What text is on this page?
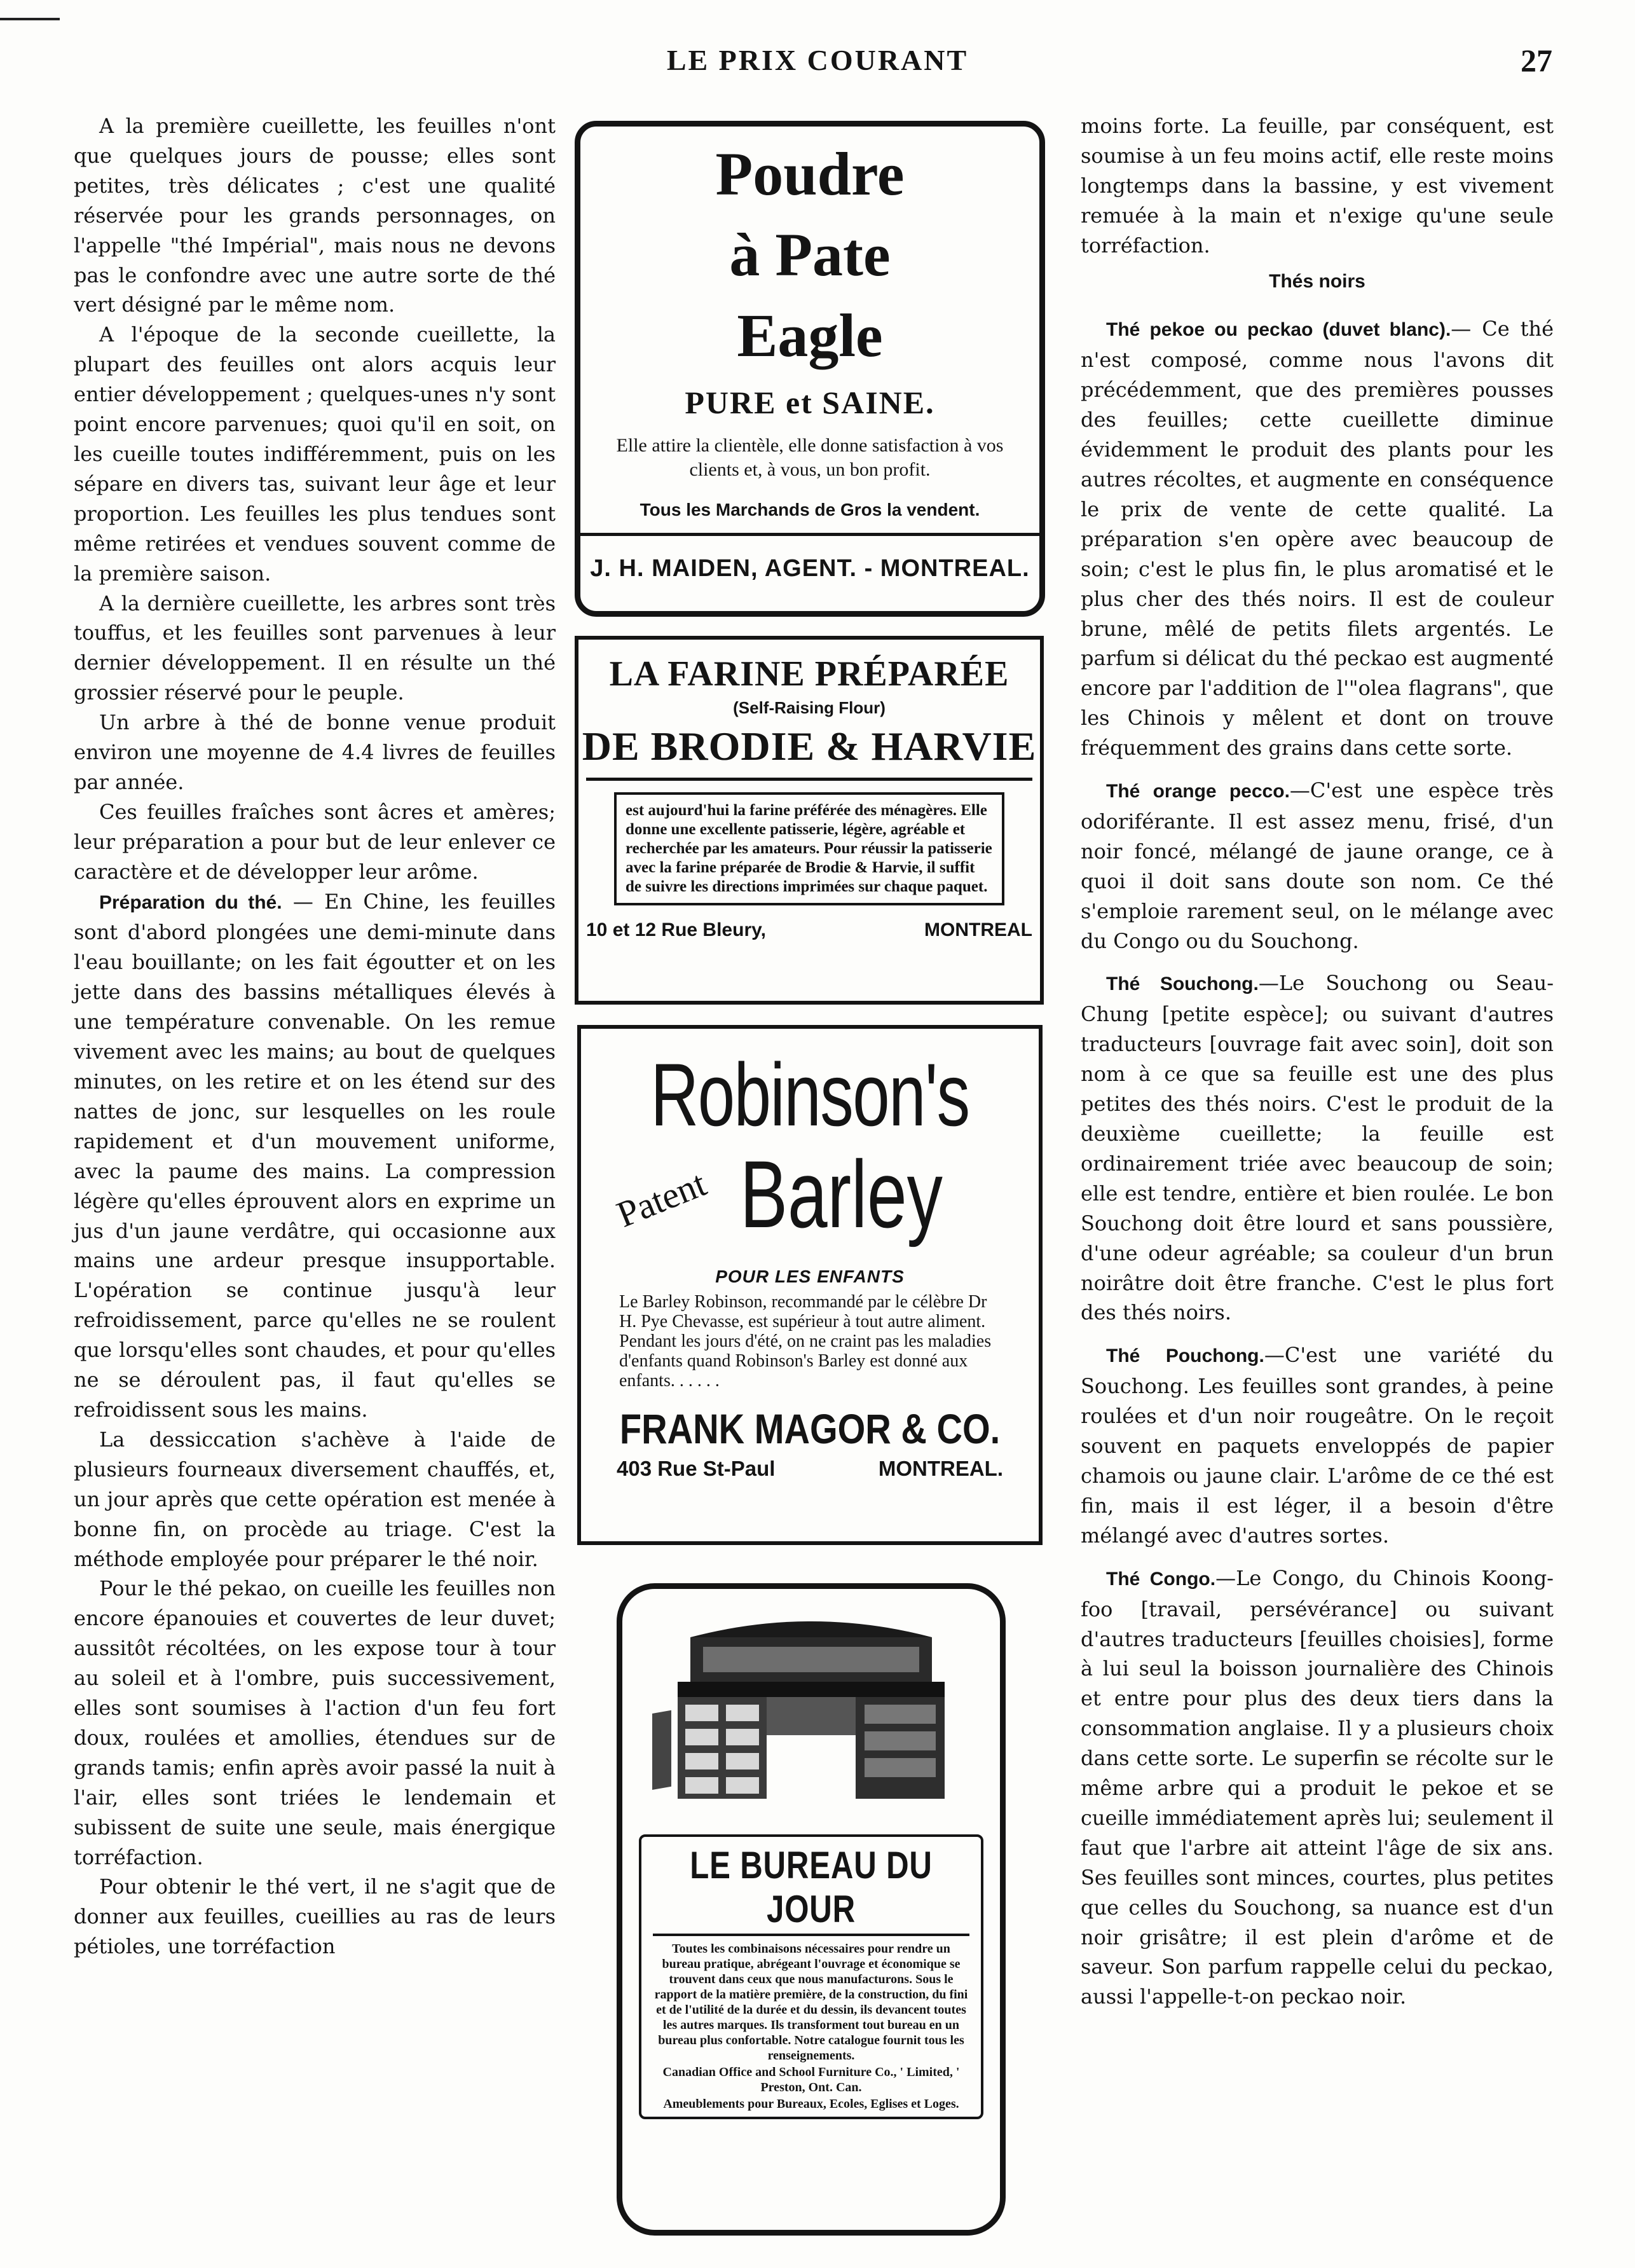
LE PRIX COURANT	27

A la première cueillette, les feuilles n'ont que quelques jours de pousse; elles sont petites, très délicates ; c'est une qualité réservée pour les grands personnages, on l'appelle "thé Impérial", mais nous ne devons pas le confondre avec une autre sorte de thé vert désigné par le même nom.

A l'époque de la seconde cueillette, la plupart des feuilles ont alors acquis leur entier développement ; quelques-unes n'y sont point encore parvenues; quoi qu'il en soit, on les cueille toutes indifféremment, puis on les sépare en divers tas, suivant leur âge et leur proportion. Les feuilles les plus tendues sont même retirées et vendues souvent comme de la première saison.

A la dernière cueillette, les arbres sont très touffus, et les feuilles sont parvenues à leur dernier développement. Il en résulte un thé grossier réservé pour le peuple.

Un arbre à thé de bonne venue produit environ une moyenne de 4.4 livres de feuilles par année.

Ces feuilles fraîches sont âcres et amères; leur préparation a pour but de leur enlever ce caractère et de développer leur arôme.

Préparation du thé. — En Chine, les feuilles sont d'abord plongées une demi-minute dans l'eau bouillante; on les fait égoutter et on les jette dans des bassins métalliques élevés à une température convenable. On les remue vivement avec les mains; au bout de quelques minutes, on les retire et on les étend sur des nattes de jonc, sur lesquelles on les roule rapidement et d'un mouvement uniforme, avec la paume des mains. La compression légère qu'elles éprouvent alors en exprime un jus d'un jaune verdâtre, qui occasionne aux mains une ardeur presque insupportable. L'opération se continue jusqu'à leur refroidissement, parce qu'elles ne se roulent que lorsqu'elles sont chaudes, et pour qu'elles ne se déroulent pas, il faut qu'elles se refroidissent sous les mains.

La dessiccation s'achève à l'aide de plusieurs fourneaux diversement chauffés, et, un jour après que cette opération est menée à bonne fin, on procède au triage. C'est la méthode employée pour préparer le thé noir.

Pour le thé pekao, on cueille les feuilles non encore épanouies et couvertes de leur duvet; aussitôt récoltées, on les expose tour à tour au soleil et à l'ombre, puis successivement, elles sont soumises à l'action d'un feu fort doux, roulées et amollies, étendues sur de grands tamis; enfin après avoir passé la nuit à l'air, elles sont triées le lendemain et subissent de suite une seule, mais énergique torréfaction.

Pour obtenir le thé vert, il ne s'agit que de donner aux feuilles, cueillies au ras de leurs pétioles, une torréfaction

Poudre
à Pate
Eagle
PURE et SAINE.
Elle attire la clientèle, elle donne satisfaction à vos clients et, à vous, un bon profit.
Tous les Marchands de Gros la vendent.
J. H. MAIDEN, AGENT. - MONTREAL.
LA FARINE PRÉPARÉE
(Self-Raising Flour)
DE BRODIE & HARVIE
est aujourd'hui la farine préférée des ménagères. Elle donne une excellente patisserie, légère, agréable et recherchée par les amateurs. Pour réussir la patisserie avec la farine préparée de Brodie & Harvie, il suffit de suivre les directions imprimées sur chaque paquet.
10 et 12 Rue Bleury,	MONTREAL
Robinson's
Patent Barley
POUR LES ENFANTS
Le Barley Robinson, recommandé par le célèbre Dr H. Pye Chevasse, est supérieur à tout autre aliment. Pendant les jours d'été, on ne craint pas les maladies d'enfants quand Robinson's Barley est donné aux enfants. . . . . .
FRANK MAGOR & CO.
403 Rue St-Paul	MONTREAL.
LE BUREAU DU JOUR
Toutes les combinaisons nécessaires pour rendre un bureau pratique, abrégeant l'ouvrage et économique se trouvent dans ceux que nous manufacturons. Sous le rapport de la matière première, de la construction, du fini et de l'utilité de la durée et du dessin, ils devancent toutes les autres marques. Ils transforment tout bureau en un bureau plus confortable. Notre catalogue fournit tous les renseignements.
Canadian Office and School Furniture Co., ' Limited, ' Preston, Ont. Can.
Ameublements pour Bureaux, Ecoles, Eglises et Loges.

moins forte. La feuille, par conséquent, est soumise à un feu moins actif, elle reste moins longtemps dans la bassine, y est vivement remuée à la main et n'exige qu'une seule torréfaction.

Thés noirs

Thé pekoe ou peckao (duvet blanc).— Ce thé n'est composé, comme nous l'avons dit précédemment, que des premières pousses des feuilles; cette cueillette diminue évidemment le produit des plants pour les autres récoltes, et augmente en conséquence le prix de vente de cette qualité. La préparation s'en opère avec beaucoup de soin; c'est le plus fin, le plus aromatisé et le plus cher des thés noirs. Il est de couleur brune, mêlé de petits filets argentés. Le parfum si délicat du thé peckao est augmenté encore par l'addition de l'"olea flagrans", que les Chinois y mêlent et dont on trouve fréquemment des grains dans cette sorte.

Thé orange pecco.—C'est une espèce très odoriférante. Il est assez menu, frisé, d'un noir foncé, mélangé de jaune orange, ce à quoi il doit sans doute son nom. Ce thé s'emploie rarement seul, on le mélange avec du Congo ou du Souchong.

Thé Souchong.—Le Souchong ou Seau-Chung [petite espèce]; ou suivant d'autres traducteurs [ouvrage fait avec soin], doit son nom à ce que sa feuille est une des plus petites des thés noirs. C'est le produit de la deuxième cueillette; la feuille est ordinairement triée avec beaucoup de soin; elle est tendre, entière et bien roulée. Le bon Souchong doit être lourd et sans poussière, d'une odeur agréable; sa couleur d'un brun noirâtre doit être franche. C'est le plus fort des thés noirs.

Thé Pouchong.—C'est une variété du Souchong. Les feuilles sont grandes, à peine roulées et d'un noir rougeâtre. On le reçoit souvent en paquets enveloppés de papier chamois ou jaune clair. L'arôme de ce thé est fin, mais il est léger, il a besoin d'être mélangé avec d'autres sortes.

Thé Congo.—Le Congo, du Chinois Koong-foo [travail, persévérance] ou suivant d'autres traducteurs [feuilles choisies], forme à lui seul la boisson journalière des Chinois et entre pour plus des deux tiers dans la consommation anglaise. Il y a plusieurs choix dans cette sorte. Le superfin se récolte sur le même arbre qui a produit le pekoe et se cueille immédiatement après lui; seulement il faut que l'arbre ait atteint l'âge de six ans. Ses feuilles sont minces, courtes, plus petites que celles du Souchong, sa nuance est d'un noir grisâtre; il est plein d'arôme et de saveur. Son parfum rappelle celui du peckao, aussi l'appelle-t-on peckao noir.
